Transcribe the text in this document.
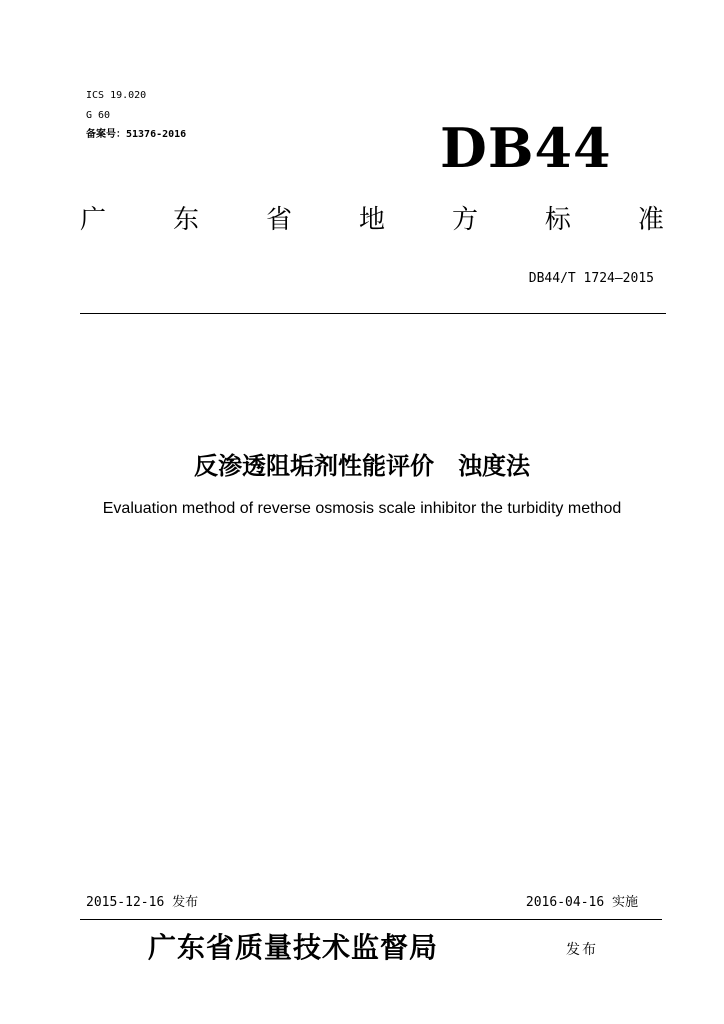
ICS 19.020
G 60
备案号：51376-2016	DB44
广	东	省	地	方	标	准
DB44/T 1724—2015
反渗透阻垢剂性能评价　浊度法
Evaluation method of reverse osmosis scale inhibitor the turbidity method
2015-12-16 发布	2016-04-16 实施
广东省质量技术监督局	发布
